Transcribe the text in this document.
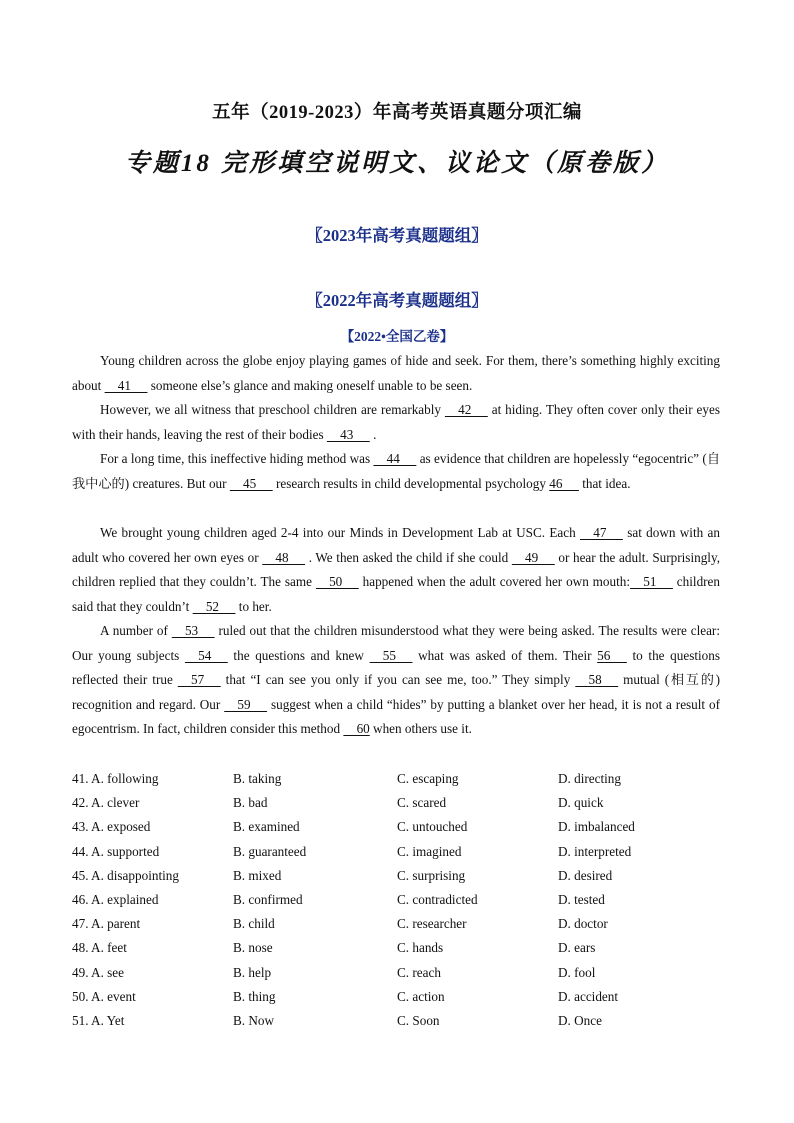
五年（2019-2023）年高考英语真题分项汇编
专题18 完形填空说明文、议论文（原卷版）
〖2023年高考真题题组〗
〖2022年高考真题题组〗
【2022•全国乙卷】

Young children across the globe enjoy playing games of hide and seek. For them, there’s something highly exciting about     41      someone else’s glance and making oneself unable to be seen.

However, we all witness that preschool children are remarkably     42      at hiding. They often cover only their eyes with their hands, leaving the rest of their bodies     43      .

For a long time, this ineffective hiding method was     44      as evidence that children are hopelessly “egocentric” (自我中心的) creatures. But our     45      research results in child developmental psychology 46      that idea.

We brought young children aged 2-4 into our Minds in Development Lab at USC. Each     47      sat down with an adult who covered her own eyes or     48      . We then asked the child if she could     49      or hear the adult. Surprisingly, children replied that they couldn’t. The same     50      happened when the adult covered her own mouth:    51      children said that they couldn’t     52      to her.

A number of     53      ruled out that the children misunderstood what they were being asked. The results were clear: Our young subjects     54      the questions and knew     55      what was asked of them. Their 56      to the questions reflected their true     57      that “I can see you only if you can see me, too.” They simply     58      mutual (相互的) recognition and regard. Our     59      suggest when a child “hides” by putting a blanket over her head, it is not a result of egocentrism. In fact, children consider this method     60 when others use it.

41. A. following	B. taking	C. escaping	D. directing
42. A. clever	B. bad	C. scared	D. quick
43. A. exposed	B. examined	C. untouched	D. imbalanced
44. A. supported	B. guaranteed	C. imagined	D. interpreted
45. A. disappointing	B. mixed	C. surprising	D. desired
46. A. explained	B. confirmed	C. contradicted	D. tested
47. A. parent	B. child	C. researcher	D. doctor
48. A. feet	B. nose	C. hands	D. ears
49. A. see	B. help	C. reach	D. fool
50. A. event	B. thing	C. action	D. accident
51. A. Yet	B. Now	C. Soon	D. Once
